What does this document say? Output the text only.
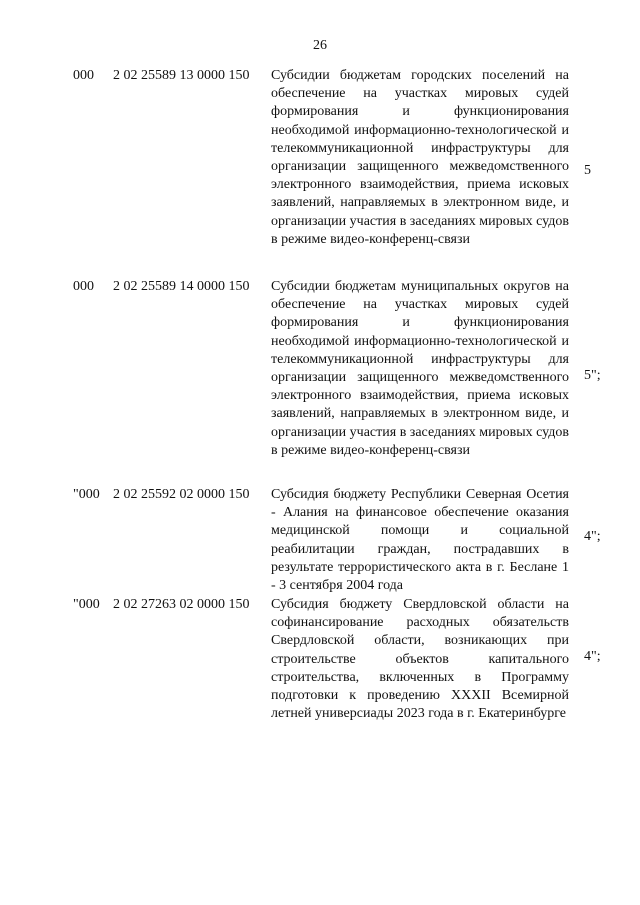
26
000 2 02 25589 13 0000 150 Субсидии бюджетам городских поселений на обеспечение на участках мировых судей формирования и функционирования необходимой информационно-технологической и телекоммуникационной инфраструктуры для организации защищенного межведомственного электронного взаимодействия, приема исковых заявлений, направляемых в электронном виде, и организации участия в заседаниях мировых судов в режиме видео-конференц-связи
5
000 2 02 25589 14 0000 150 Субсидии бюджетам муниципальных округов на обеспечение на участках мировых судей формирования и функционирования необходимой информационно-технологической и телекоммуникационной инфраструктуры для организации защищенного межведомственного электронного взаимодействия, приема исковых заявлений, направляемых в электронном виде, и организации участия в заседаниях мировых судов в режиме видео-конференц-связи
5";
"000 2 02 25592 02 0000 150 Субсидия бюджету Республики Северная Осетия - Алания на финансовое обеспечение оказания медицинской помощи и социальной реабилитации граждан, пострадавших в результате террористического акта в г. Беслане 1 - 3 сентября 2004 года
4";
"000 2 02 27263 02 0000 150 Субсидия бюджету Свердловской области на софинансирование расходных обязательств Свердловской области, возникающих при строительстве объектов капитального строительства, включенных в Программу подготовки к проведению XXXII Всемирной летней универсиады 2023 года в г. Екатеринбурге
4";
